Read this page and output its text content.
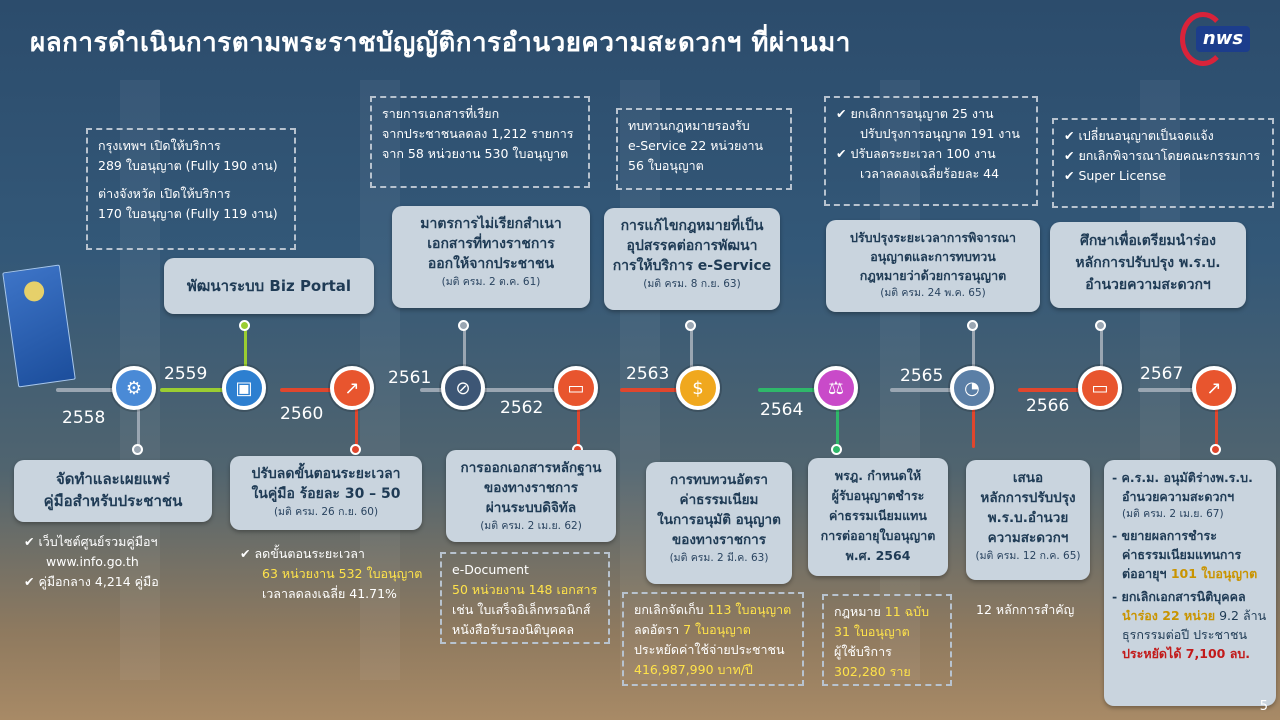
ผลการดำเนินการตามพระราชบัญญัติการอำนวยความสะดวกฯ ที่ผ่านมา	nws
กรุงเทพฯ เปิดให้บริการ
289 ใบอนุญาต (Fully 190 งาน)
ต่างจังหวัด เปิดให้บริการ
170 ใบอนุญาต (Fully 119 งาน)
รายการเอกสารที่เรียก
จากประชาชนลดลง 1,212 รายการ
จาก 58 หน่วยงาน 530 ใบอนุญาต
ทบทวนกฎหมายรองรับ
e-Service 22 หน่วยงาน
56 ใบอนุญาต
✔ ยกเลิกการอนุญาต 25 งาน
ปรับปรุงการอนุญาต 191 งาน
✔ ปรับลดระยะเวลา 100 งาน
เวลาลดลงเฉลี่ยร้อยละ 44
✔ เปลี่ยนอนุญาตเป็นจดแจ้ง
✔ ยกเลิกพิจารณาโดยคณะกรรมการ
✔ Super License
พัฒนาระบบ Biz Portal
มาตรการไม่เรียกสำเนา
เอกสารที่ทางราชการ
ออกให้จากประชาชน
(มติ ครม. 2 ต.ค. 61)
การแก้ไขกฎหมายที่เป็น
อุปสรรคต่อการพัฒนา
การให้บริการ e-Service
(มติ ครม. 8 ก.ย. 63)
ปรับปรุงระยะเวลาการพิจารณา
อนุญาตและการทบทวน
กฎหมายว่าด้วยการอนุญาต
(มติ ครม. 24 พ.ค. 65)
ศึกษาเพื่อเตรียมนำร่อง
หลักการปรับปรุง พ.ร.บ.
อำนวยความสะดวกฯ
⚙	▣	↗	⊘	▭	$	⚖	◔	▭	↗
2558
2559
2560
2561
2562
2563
2564
2565
2566
2567
จัดทำและเผยแพร่
คู่มือสำหรับประชาชน
ปรับลดขั้นตอนระยะเวลา
ในคู่มือ ร้อยละ 30 – 50
(มติ ครม. 26 ก.ย. 60)
การออกเอกสารหลักฐาน
ของทางราชการ
ผ่านระบบดิจิทัล
(มติ ครม. 2 เม.ย. 62)
การทบทวนอัตรา
ค่าธรรมเนียม
ในการอนุมัติ อนุญาต
ของทางราชการ
(มติ ครม. 2 มี.ค. 63)
พรฎ. กำหนดให้
ผู้รับอนุญาตชำระ
ค่าธรรมเนียมแทน
การต่ออายุใบอนุญาต
พ.ศ. 2564
เสนอ
หลักการปรับปรุง
พ.ร.บ.อำนวย
ความสะดวกฯ
(มติ ครม. 12 ก.ค. 65)
- ค.ร.ม. อนุมัติร่างพ.ร.บ.
อำนวยความสะดวกฯ
(มติ ครม. 2 เม.ย. 67)
- ขยายผลการชำระ
ค่าธรรมเนียมแทนการ
ต่ออายุฯ 101 ใบอนุญาต
- ยกเลิกเอกสารนิติบุคคล
นำร่อง 22 หน่วย 9.2 ล้าน
ธุรกรรมต่อปี ประชาชน
ประหยัดได้ 7,100 ลบ.
✔ เว็บไซต์ศูนย์รวมคู่มือฯ
www.info.go.th
✔ คู่มือกลาง 4,214 คู่มือ
✔ ลดขั้นตอนระยะเวลา
63 หน่วยงาน 532 ใบอนุญาต
เวลาลดลงเฉลี่ย 41.71%
e-Document
50 หน่วยงาน 148 เอกสาร
เช่น ใบเสร็จอิเล็กทรอนิกส์
หนังสือรับรองนิติบุคคล
ยกเลิกจัดเก็บ 113 ใบอนุญาต
ลดอัตรา 7 ใบอนุญาต
ประหยัดค่าใช้จ่ายประชาชน
416,987,990 บาท/ปี
กฎหมาย 11 ฉบับ
31 ใบอนุญาต
ผู้ใช้บริการ
302,280 ราย
12 หลักการสำคัญ
5
